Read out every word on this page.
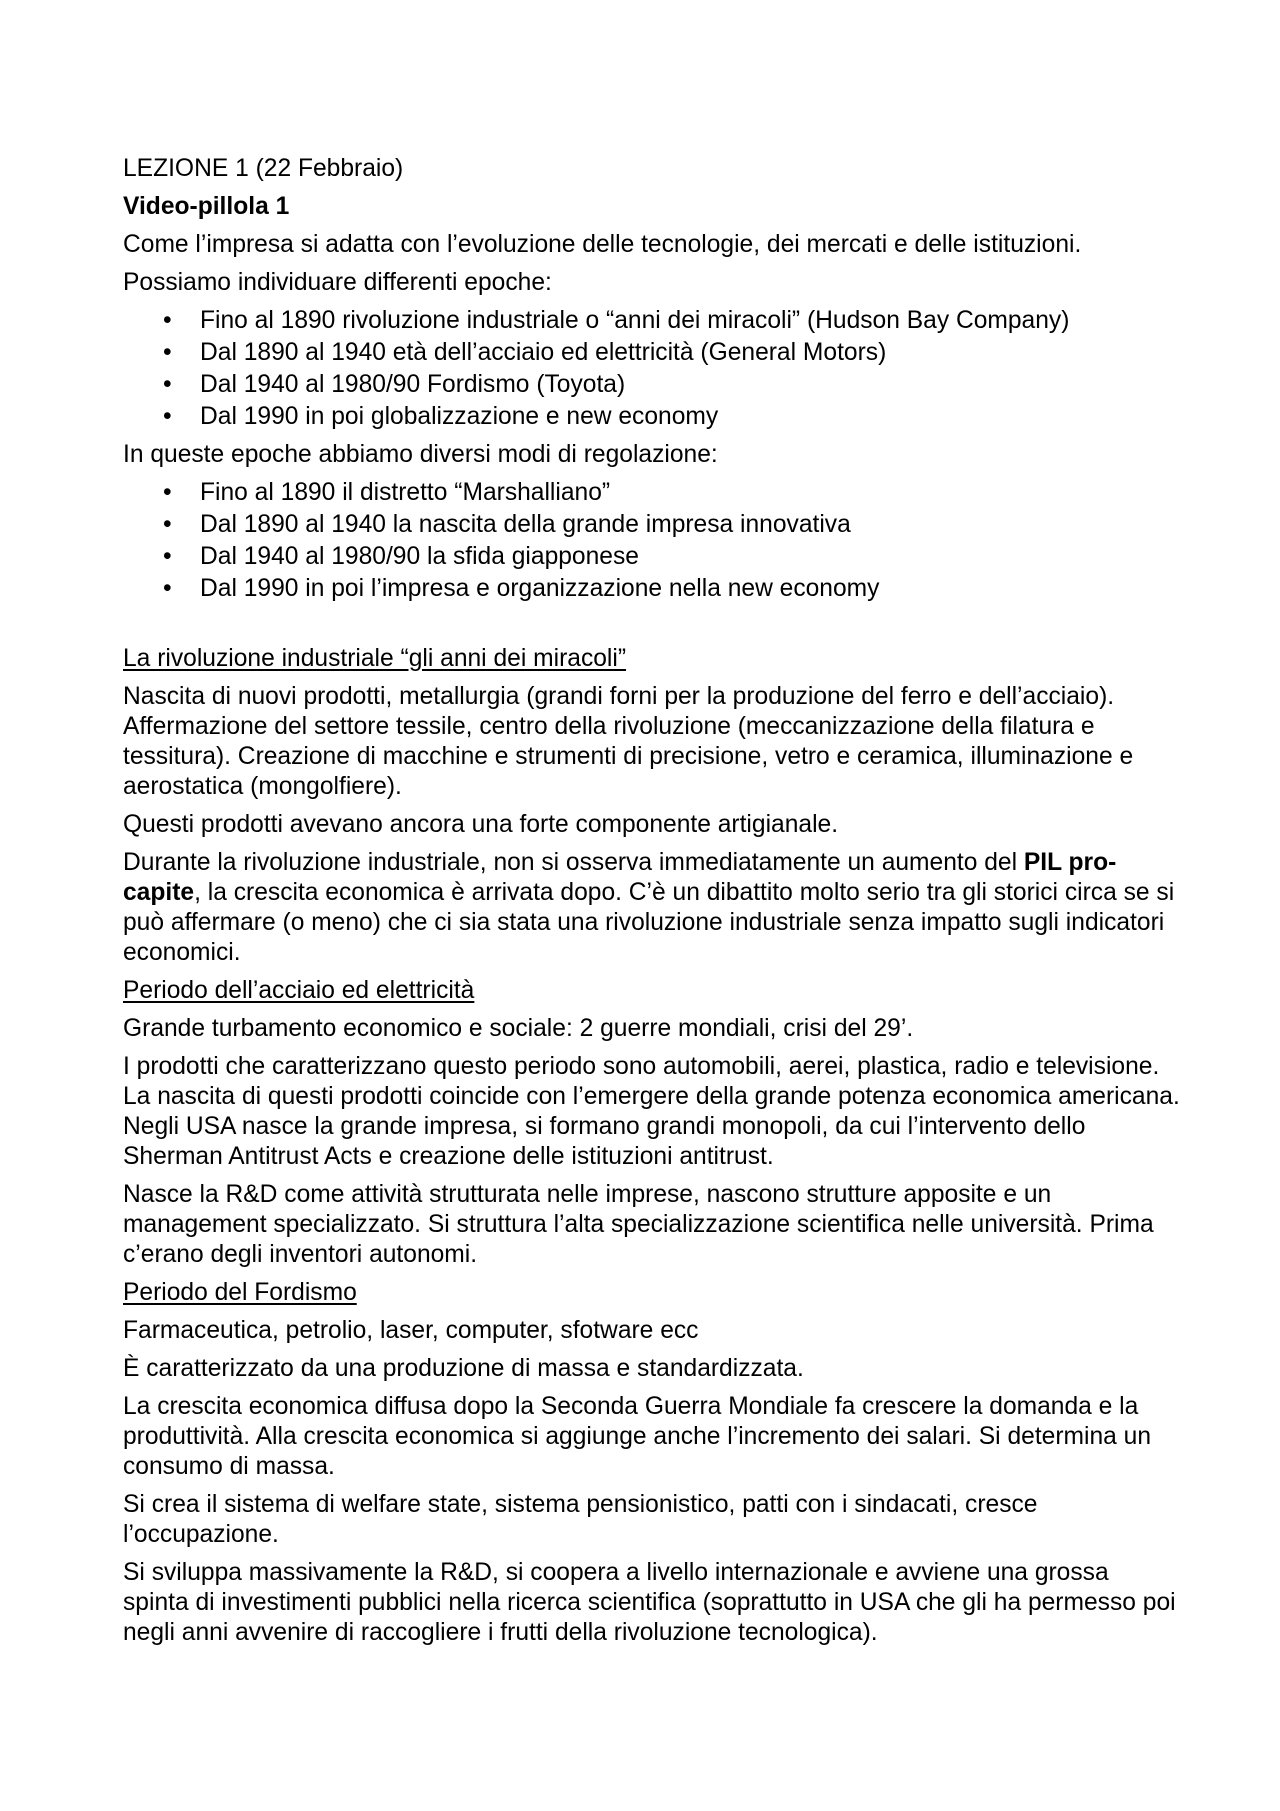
LEZIONE 1 (22 Febbraio)

Video-pillola 1

Come l’impresa si adatta con l’evoluzione delle tecnologie, dei mercati e delle istituzioni.

Possiamo individuare differenti epoche:

• Fino al 1890 rivoluzione industriale o “anni dei miracoli” (Hudson Bay Company)
• Dal 1890 al 1940 età dell’acciaio ed elettricità (General Motors)
• Dal 1940 al 1980/90 Fordismo (Toyota)
• Dal 1990 in poi globalizzazione e new economy

In queste epoche abbiamo diversi modi di regolazione:

• Fino al 1890 il distretto “Marshalliano”
• Dal 1890 al 1940 la nascita della grande impresa innovativa
• Dal 1940 al 1980/90 la sfida giapponese
• Dal 1990 in poi l’impresa e organizzazione nella new economy

La rivoluzione industriale “gli anni dei miracoli”

Nascita di nuovi prodotti, metallurgia (grandi forni per la produzione del ferro e dell’acciaio). Affermazione del settore tessile, centro della rivoluzione (meccanizzazione della filatura e tessitura). Creazione di macchine e strumenti di precisione, vetro e ceramica, illuminazione e aerostatica (mongolfiere).

Questi prodotti avevano ancora una forte componente artigianale.

Durante la rivoluzione industriale, non si osserva immediatamente un aumento del PIL pro-capite, la crescita economica è arrivata dopo. C’è un dibattito molto serio tra gli storici circa se si può affermare (o meno) che ci sia stata una rivoluzione industriale senza impatto sugli indicatori economici.

Periodo dell’acciaio ed elettricità

Grande turbamento economico e sociale: 2 guerre mondiali, crisi del 29’.

I prodotti che caratterizzano questo periodo sono automobili, aerei, plastica, radio e televisione. La nascita di questi prodotti coincide con l’emergere della grande potenza economica americana. Negli USA nasce la grande impresa, si formano grandi monopoli, da cui l’intervento dello Sherman Antitrust Acts e creazione delle istituzioni antitrust.

Nasce la R&D come attività strutturata nelle imprese, nascono strutture apposite e un management specializzato. Si struttura l’alta specializzazione scientifica nelle università. Prima c’erano degli inventori autonomi.

Periodo del Fordismo

Farmaceutica, petrolio, laser, computer, sfotware ecc

È caratterizzato da una produzione di massa e standardizzata.

La crescita economica diffusa dopo la Seconda Guerra Mondiale fa crescere la domanda e la produttività. Alla crescita economica si aggiunge anche l’incremento dei salari. Si determina un consumo di massa.

Si crea il sistema di welfare state, sistema pensionistico, patti con i sindacati, cresce l’occupazione.

Si sviluppa massivamente la R&D, si coopera a livello internazionale e avviene una grossa spinta di investimenti pubblici nella ricerca scientifica (soprattutto in USA che gli ha permesso poi negli anni avvenire di raccogliere i frutti della rivoluzione tecnologica).
